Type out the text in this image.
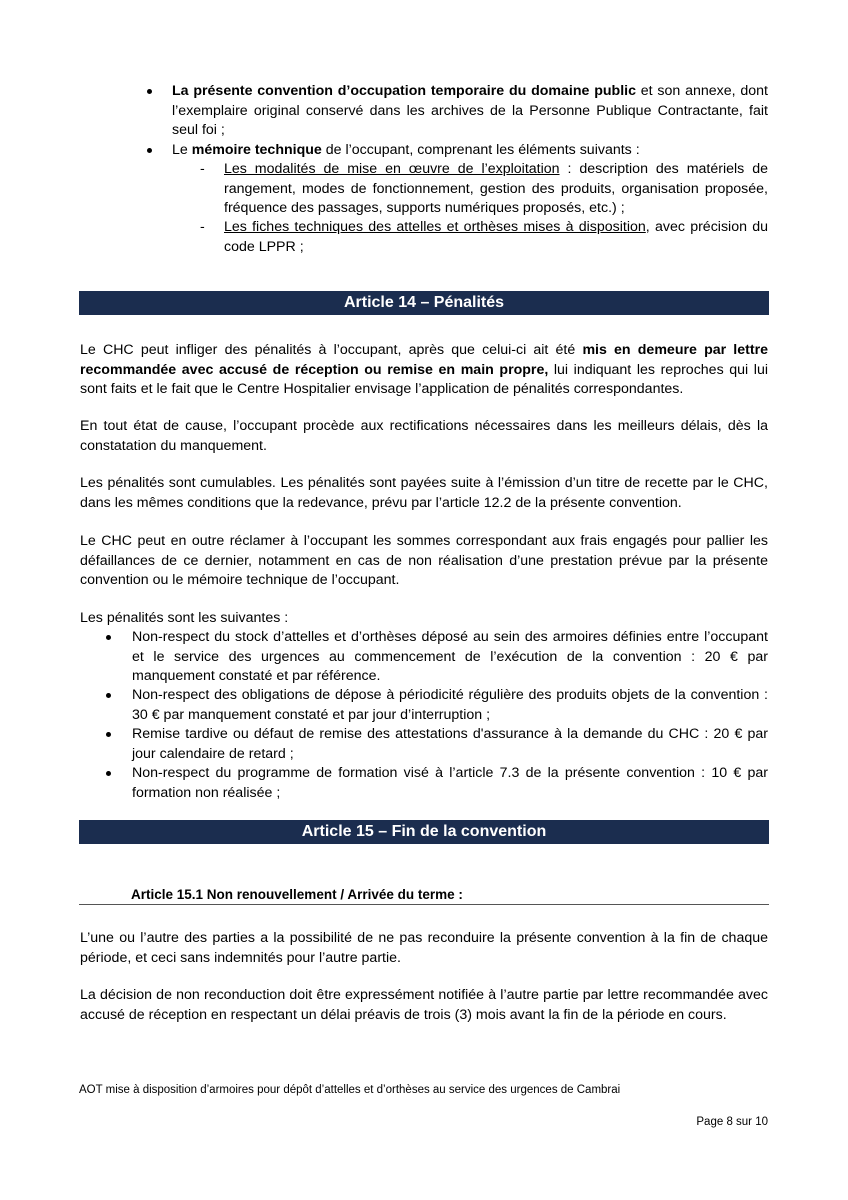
La présente convention d’occupation temporaire du domaine public et son annexe, dont l’exemplaire original conservé dans les archives de la Personne Publique Contractante, fait seul foi ;
Le mémoire technique de l’occupant, comprenant les éléments suivants :
- Les modalités de mise en œuvre de l’exploitation : description des matériels de rangement, modes de fonctionnement, gestion des produits, organisation proposée, fréquence des passages, supports numériques proposés, etc.) ;
- Les fiches techniques des attelles et orthèses mises à disposition, avec précision du code LPPR ;
Article 14 – Pénalités
Le CHC peut infliger des pénalités à l’occupant, après que celui-ci ait été mis en demeure par lettre recommandée avec accusé de réception ou remise en main propre, lui indiquant les reproches qui lui sont faits et le fait que le Centre Hospitalier envisage l’application de pénalités correspondantes.
En tout état de cause, l’occupant procède aux rectifications nécessaires dans les meilleurs délais, dès la constatation du manquement.
Les pénalités sont cumulables. Les pénalités sont payées suite à l’émission d’un titre de recette par le CHC, dans les mêmes conditions que la redevance, prévu par l’article 12.2 de la présente convention.
Le CHC peut en outre réclamer à l’occupant les sommes correspondant aux frais engagés pour pallier les défaillances de ce dernier, notamment en cas de non réalisation d’une prestation prévue par la présente convention ou le mémoire technique de l’occupant.
Les pénalités sont les suivantes :
Non-respect du stock d’attelles et d’orthèses déposé au sein des armoires définies entre l’occupant et le service des urgences au commencement de l’exécution de la convention : 20 € par manquement constaté et par référence.
Non-respect des obligations de dépose à périodicité régulière des produits objets de la convention : 30 € par manquement constaté et par jour d’interruption ;
Remise tardive ou défaut de remise des attestations d'assurance à la demande du CHC : 20 € par jour calendaire de retard ;
Non-respect du programme de formation visé à l’article 7.3 de la présente convention : 10 € par formation non réalisée ;
Article 15 – Fin de la convention
Article 15.1 Non renouvellement / Arrivée du terme :
L’une ou l’autre des parties a la possibilité de ne pas reconduire la présente convention à la fin de chaque période, et ceci sans indemnités pour l’autre partie.
La décision de non reconduction doit être expressément notifiée à l’autre partie par lettre recommandée avec accusé de réception en respectant un délai préavis de trois (3) mois avant la fin de la période en cours.
AOT mise à disposition d’armoires pour dépôt d’attelles et d’orthèses au service des urgences de Cambrai
Page 8 sur 10
